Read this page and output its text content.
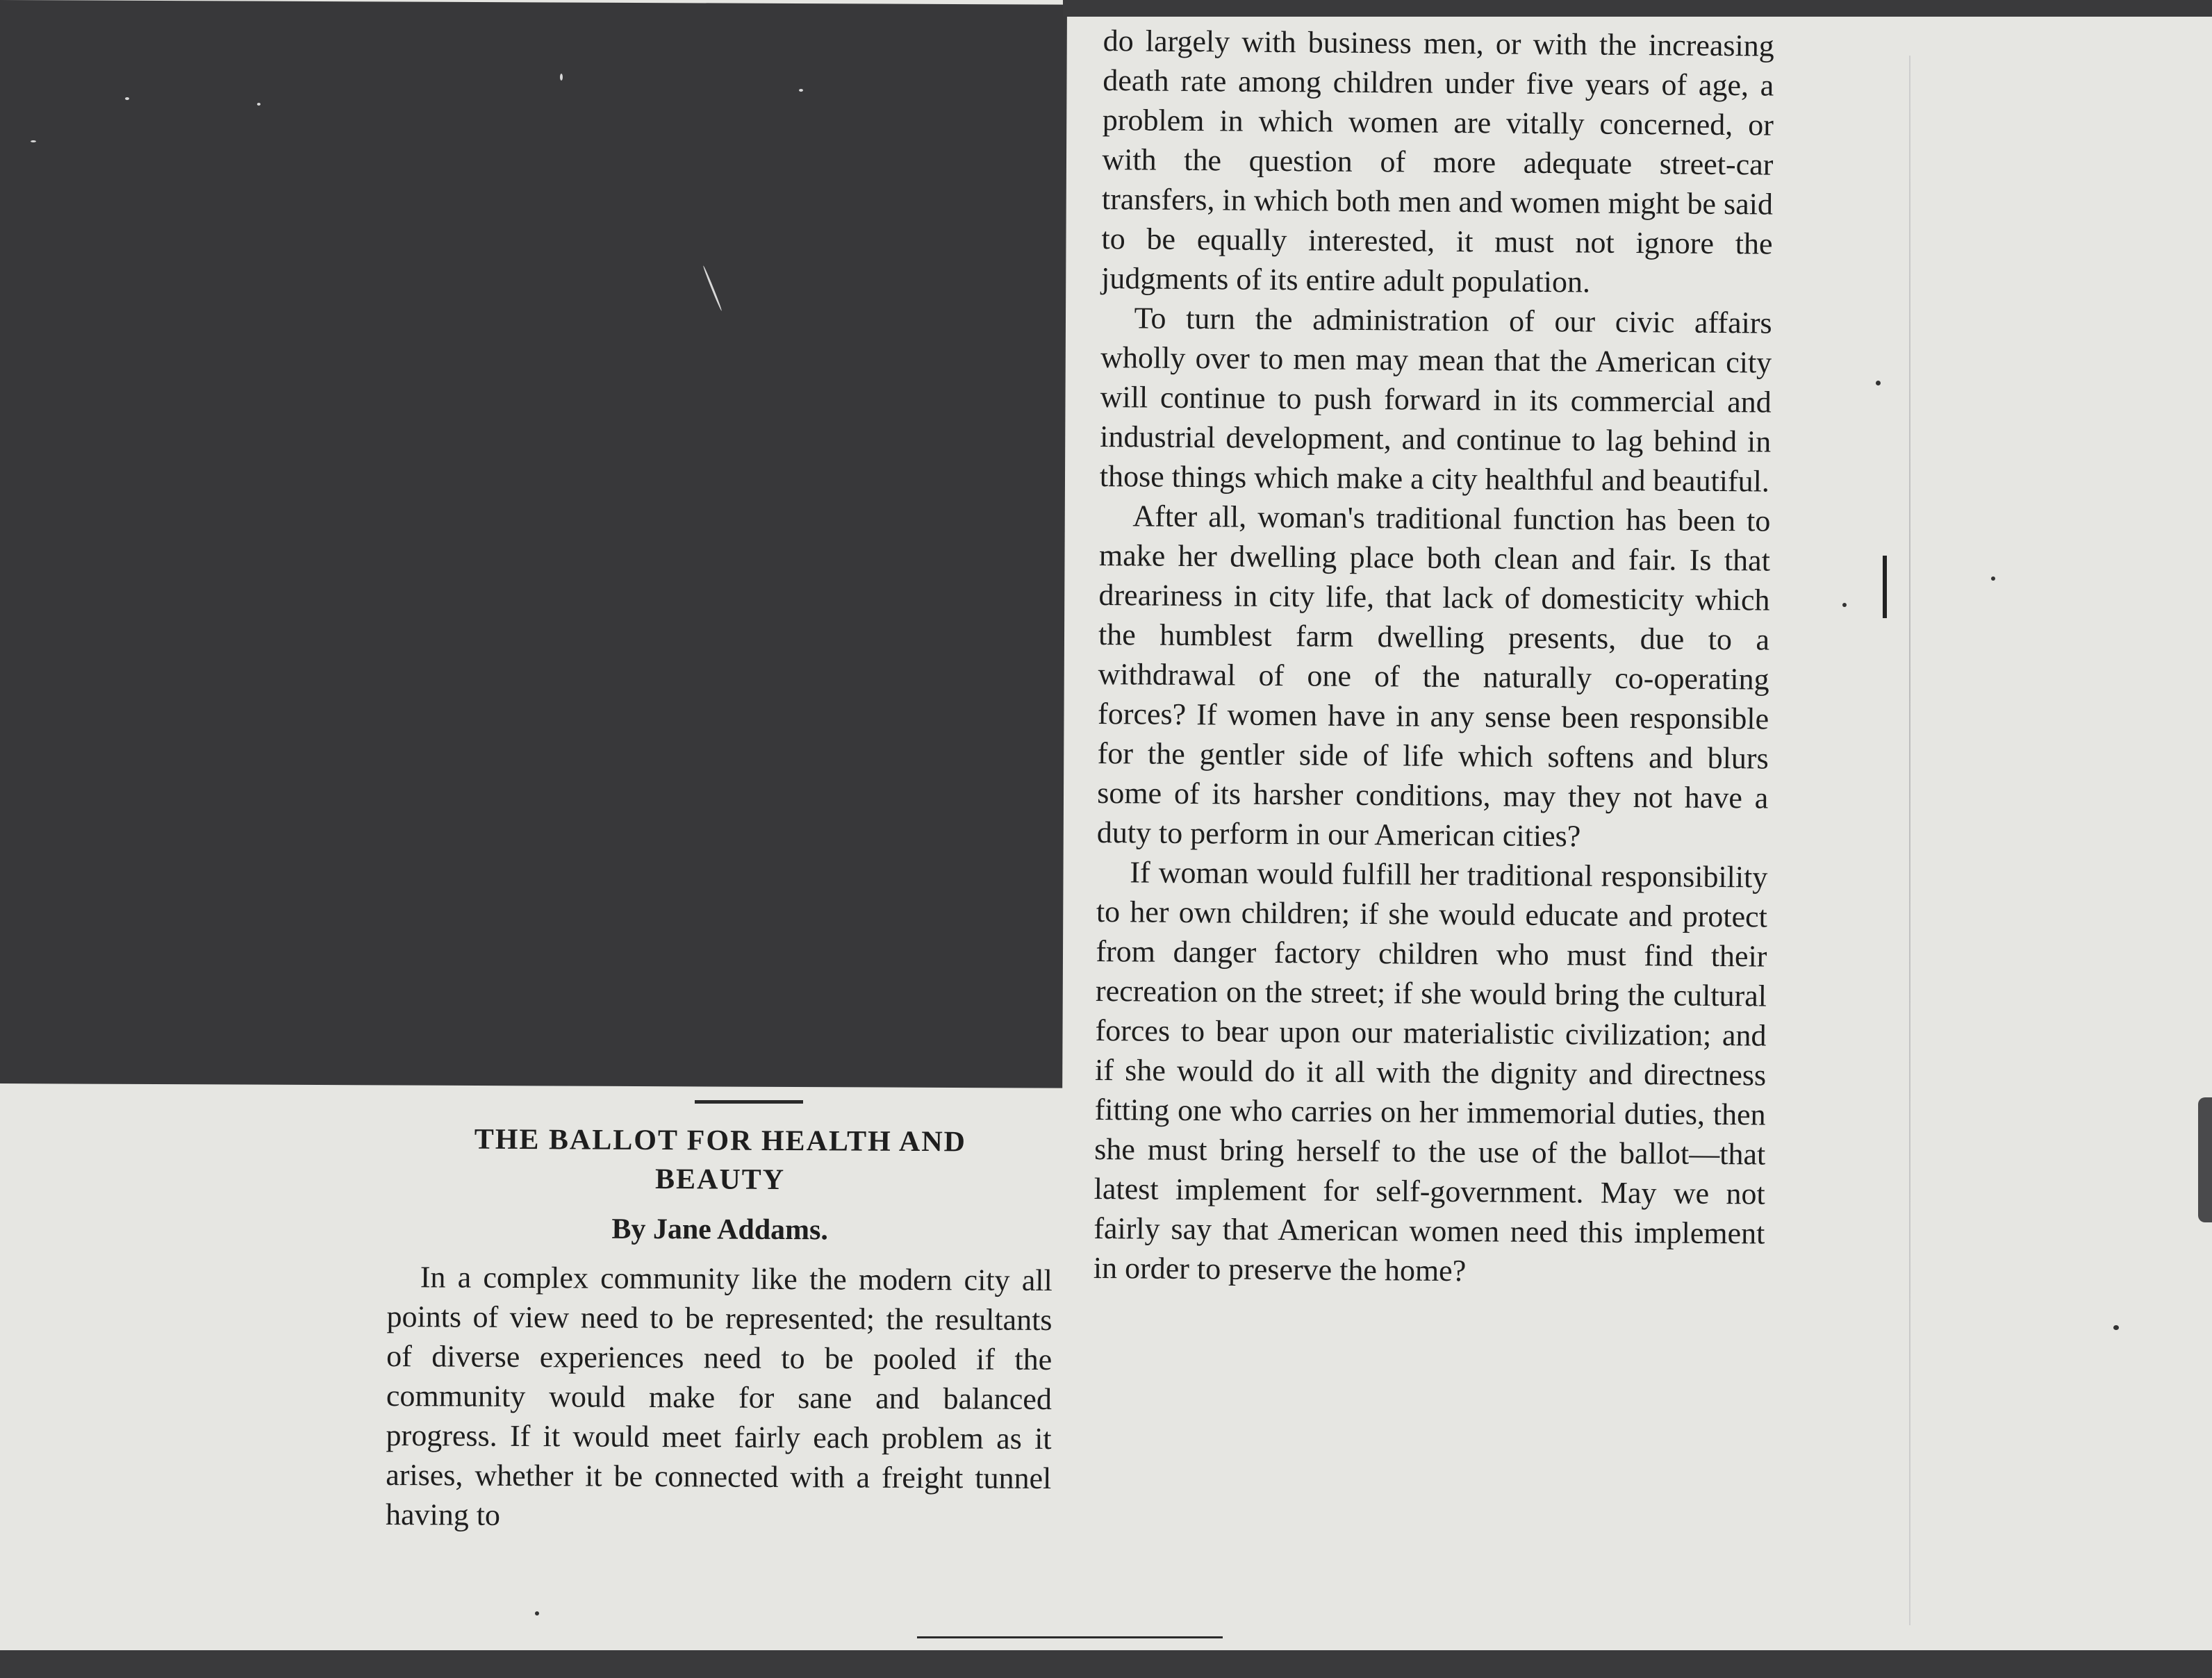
do largely with business men, or with the increasing death rate among children under five years of age, a problem in which women are vitally concerned, or with the question of more adequate street-car transfers, in which both men and women might be said to be equally interested, it must not ignore the judgments of its entire adult population.

To turn the administration of our civic affairs wholly over to men may mean that the American city will continue to push forward in its commercial and industrial development, and continue to lag behind in those things which make a city healthful and beautiful.

After all, woman's traditional function has been to make her dwelling place both clean and fair. Is that dreariness in city life, that lack of domesticity which the humblest farm dwelling presents, due to a withdrawal of one of the naturally co-operating forces? If women have in any sense been responsible for the gentler side of life which softens and blurs some of its harsher conditions, may they not have a duty to perform in our American cities?

If woman would fulfill her traditional responsibility to her own children; if she would educate and protect from danger factory children who must find their recreation on the street; if she would bring the cultural forces to bear upon our materialistic civilization; and if she would do it all with the dignity and directness fitting one who carries on her immemorial duties, then she must bring herself to the use of the ballot—that latest implement for self-government. May we not fairly say that American women need this implement in order to preserve the home?

THE BALLOT FOR HEALTH AND
BEAUTY
By Jane Addams.

In a complex community like the modern city all points of view need to be represented; the resultants of diverse experiences need to be pooled if the community would make for sane and balanced progress. If it would meet fairly each problem as it arises, whether it be connected with a freight tunnel having to
